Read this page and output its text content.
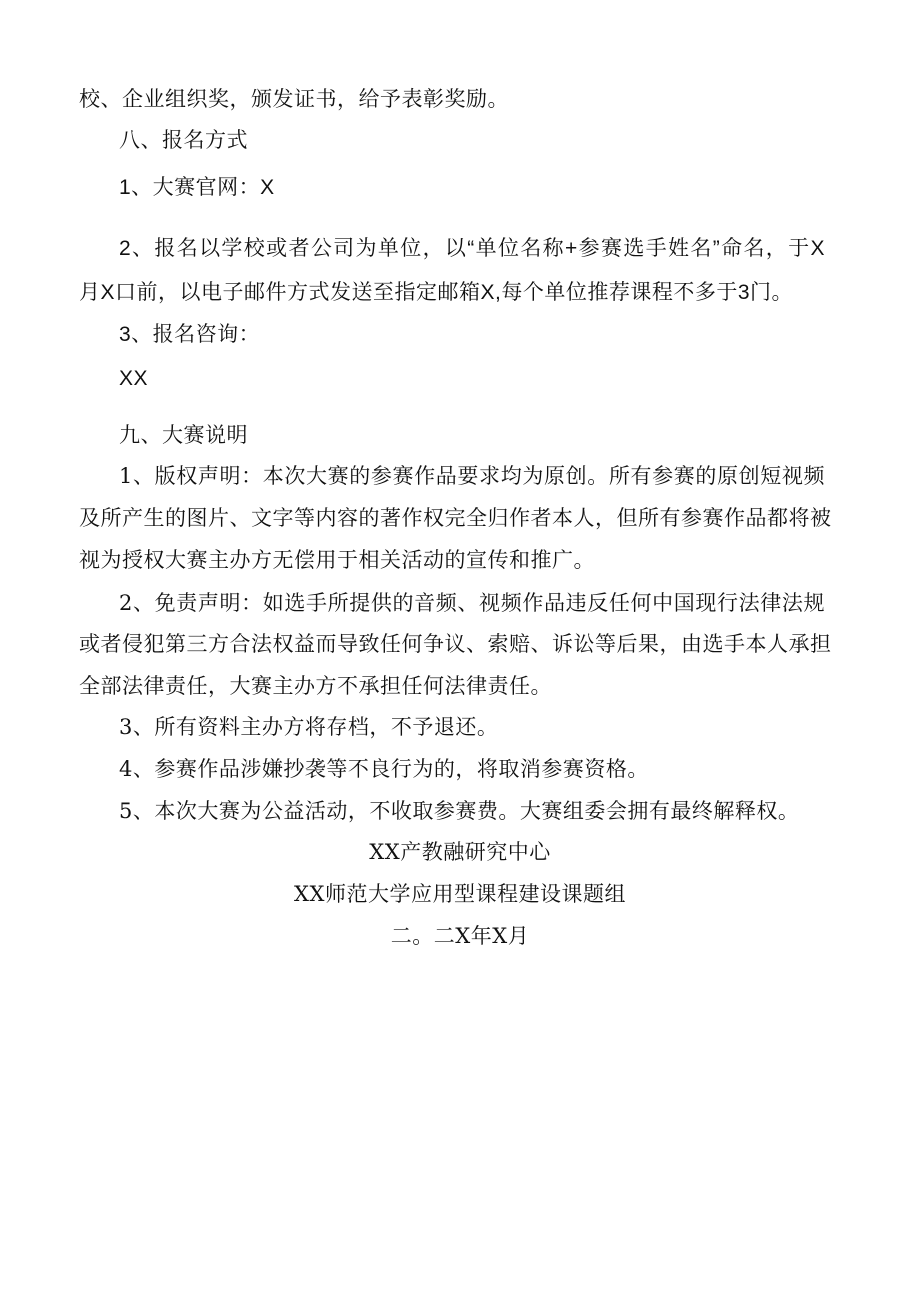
校、企业组织奖，颁发证书，给予表彰奖励。
八、报名方式
1、大赛官网：X
2、报名以学校或者公司为单位，以“单位名称+参赛选手姓名”命名，于X
月X口前，以电子邮件方式发送至指定邮箱X,每个单位推荐课程不多于3门。
3、报名咨询：
XX
九、大赛说明
1、版权声明：本次大赛的参赛作品要求均为原创。所有参赛的原创短视频
及所产生的图片、文字等内容的著作权完全归作者本人，但所有参赛作品都将被
视为授权大赛主办方无偿用于相关活动的宣传和推广。
2、免责声明：如选手所提供的音频、视频作品违反任何中国现行法律法规
或者侵犯第三方合法权益而导致任何争议、索赔、诉讼等后果，由选手本人承担
全部法律责任，大赛主办方不承担任何法律责任。
3、所有资料主办方将存档，不予退还。
4、参赛作品涉嫌抄袭等不良行为的，将取消参赛资格。
5、本次大赛为公益活动，不收取参赛费。大赛组委会拥有最终解释权。
XX产教融研究中心
XX师范大学应用型课程建设课题组
二。二X年X月
